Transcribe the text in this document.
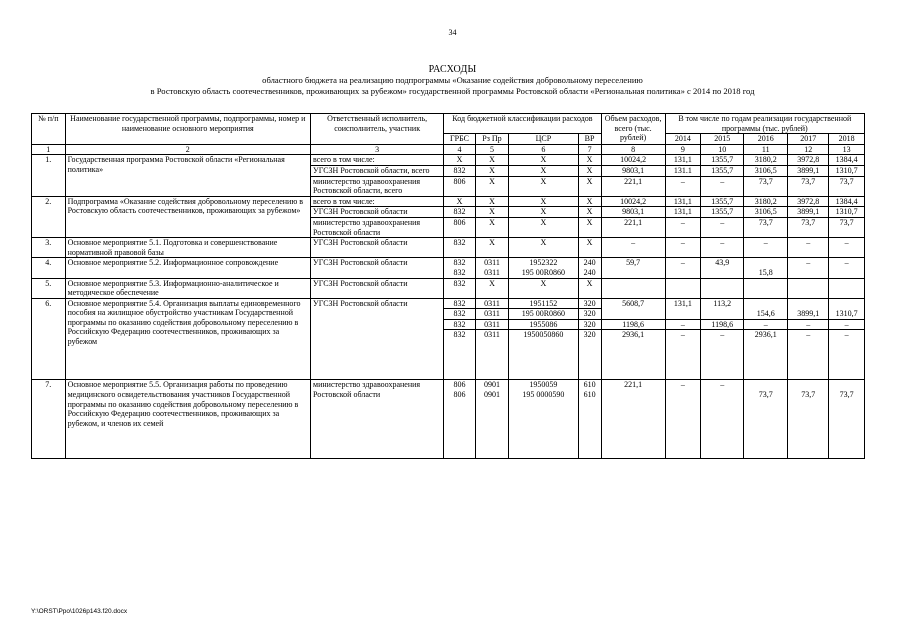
34
РАСХОДЫ
областного бюджета на реализацию подпрограммы «Оказание содействия добровольному переселению
в Ростовскую область соотечественников, проживающих за рубежом» государственной программы Ростовской области «Региональная политика» с 2014 по 2018 год
№ п/п	Наименование государственной программы, подпрограммы, номер и наименование основного мероприятия	Ответственный исполнитель, соисполнитель, участник	Код бюджетной классификации расходов				Объем расходов, всего (тыс. рублей)	В том числе по годам реализации государственной программы (тыс. рублей)				
			ГРБС	Рз Пр	ЦСР	ВР		2014	2015	2016	2017	2018
1	2	3	4	5	6	7	8	9	10	11	12	13
1.	Государственная программа Ростовской области «Региональная политика»	всего в том числе:	Х	Х	Х	Х	10024,2	131,1	1355,7	3180,2	3972,8	1384,4
		УГСЗН Ростовской области, всего	832	Х	Х	Х	9803,1	131.1	1355,7	3106,5	3899,1	1310,7
		министерство здравоохранения Ростовской области, всего	806	Х	Х	Х	221,1	–	–	73,7	73,7	73,7
2.	Подпрограмма «Оказание содействия добровольному переселению в Ростовскую область соотечественников, проживающих за рубежом»	всего в том числе:	Х	Х	Х	Х	10024,2	131,1	1355,7	3180,2	3972,8	1384,4
		УГСЗН Ростовской области	832	Х	Х	Х	9803,1	131,1	1355,7	3106,5	3899,1	1310,7
		министерство здравоохранения Ростовской области	806	Х	Х	Х	221,1	–	–	73,7	73,7	73,7
3.	Основное мероприятие 5.1. Подготовка и совершенствование нормативной правовой базы	УГСЗН Ростовской области	832	Х	Х	Х	–	–	–	–	–	–
4.	Основное мероприятие 5.2. Информационное сопровождение	УГСЗН Ростовской области	832	0311	1952322	240	59,7	–	43,9		–	–
			832	0311	195 00R0860	240				15,8		
5.	Основное мероприятие 5.3. Информационно-аналитическое и методическое обеспечение	УГСЗН Ростовской области	832	Х	Х	Х						
6.	Основное мероприятие 5.4. Организация выплаты единовременного пособия на жилищное обустройство участникам Государственной программы по оказанию содействия добровольному переселению в Российскую Федерацию соотечественников, проживающих за рубежом	УГСЗН Ростовской области	832	0311	1951152	320	5608,7	131,1	113,2			
			832	0311	195 00R0860	320				154,6	3899,1	1310,7
			832	0311	1955086	320	1198,6	–	1198,6	–	–	–
			832	0311	1950050860	320	2936,1	–	–	2936,1	–	–
7.	Основное мероприятие 5.5. Организация работы по проведению медицинского освидетельствования участников Государственной программы по оказанию содействия добровольному переселению в Российскую Федерацию соотечественников, проживающих за рубежом, и членов их семей	министерство здравоохранения Ростовской области	806	0901	1950059	610	221,1	–	–			
			806	0901	195 0000590	610				73,7	73,7	73,7
Y:\ORST\Ppo\1026p143.f20.docx
